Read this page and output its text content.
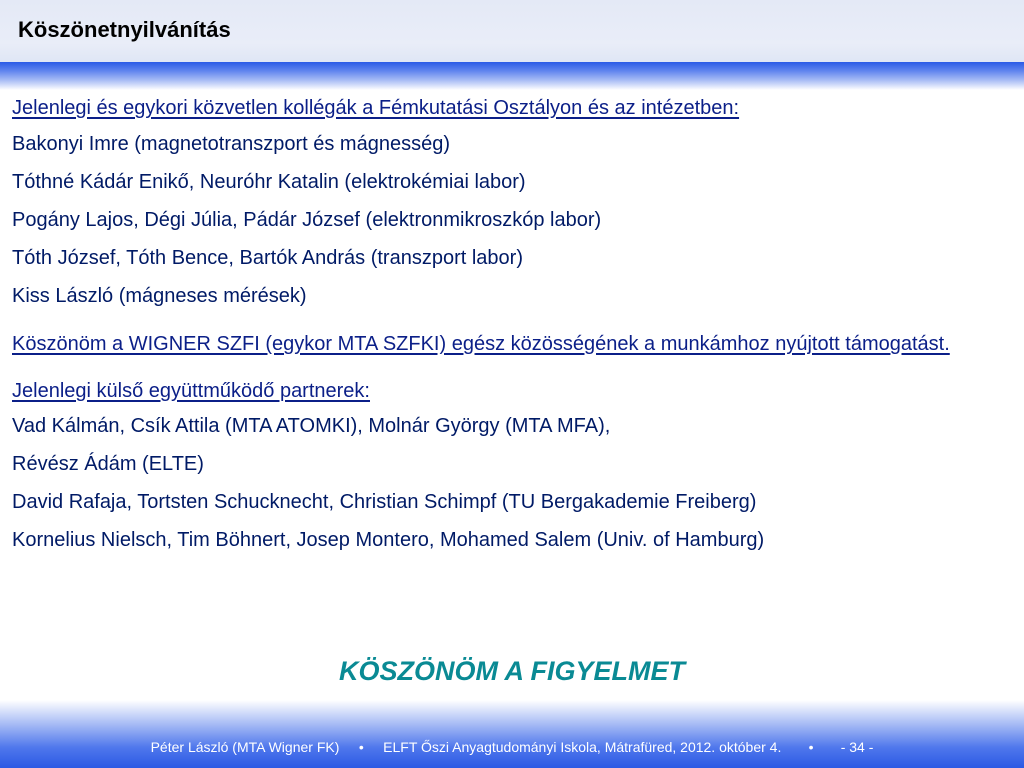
Köszönetnyilvánítás

Jelenlegi és egykori közvetlen kollégák a Fémkutatási Osztályon és az intézetben:

Bakonyi Imre (magnetotranszport és mágnesség)

Tóthné Kádár Enikő, Neuróhr Katalin (elektrokémiai labor)

Pogány Lajos, Dégi Júlia, Pádár József (elektronmikroszkóp labor)

Tóth József, Tóth Bence, Bartók András (transzport labor)

Kiss László (mágneses mérések)

Köszönöm a WIGNER SZFI (egykor MTA SZFKI) egész közösségének a munkámhoz nyújtott támogatást.

Jelenlegi külső együttműködő partnerek:

Vad Kálmán, Csík Attila (MTA ATOMKI), Molnár György (MTA MFA),

Révész Ádám (ELTE)

David Rafaja, Tortsten Schucknecht, Christian Schimpf (TU Bergakademie Freiberg)

Kornelius Nielsch, Tim Böhnert, Josep Montero, Mohamed Salem (Univ. of Hamburg)

KÖSZÖNÖM A FIGYELMET
Péter László (MTA Wigner FK)     •     ELFT Őszi Anyagtudományi Iskola, Mátrafüred, 2012. október 4.       •       - 34 -
